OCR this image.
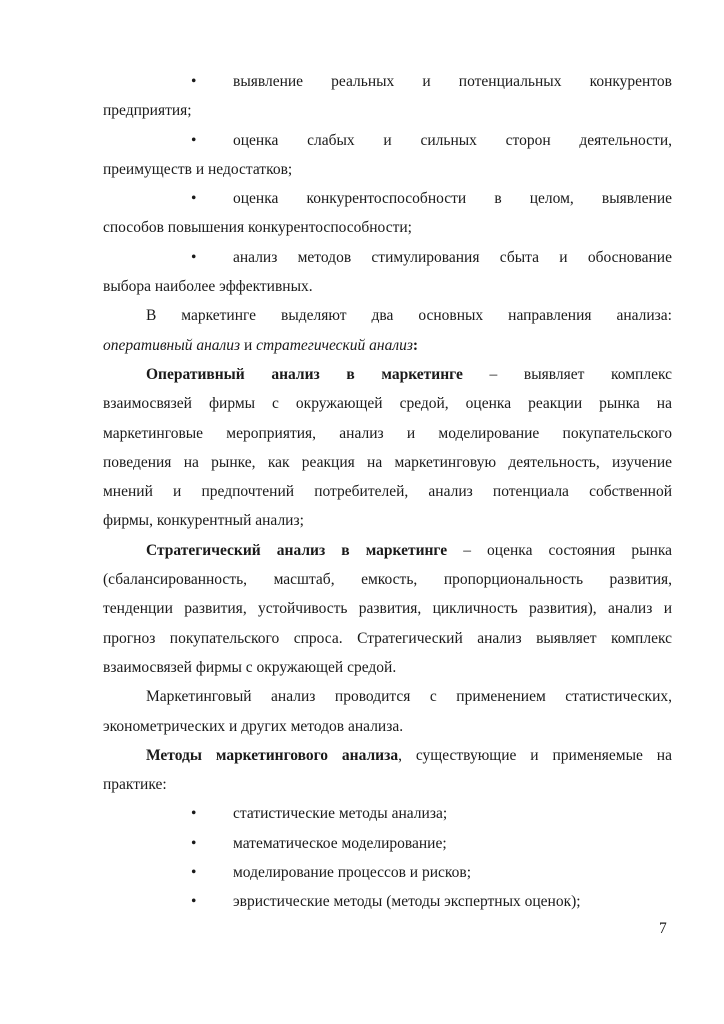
•	выявление реальных и потенциальных конкурентов
предприятия;
•	оценка слабых и сильных сторон деятельности,
преимуществ и недостатков;
•	оценка конкурентоспособности в целом, выявление
способов повышения конкурентоспособности;
•	анализ методов стимулирования сбыта и обоснование
выбора наиболее эффективных.
В маркетинге выделяют два основных направления анализа:
оперативный анализ и стратегический анализ:
Оперативный анализ в маркетинге – выявляет комплекс
взаимосвязей фирмы с окружающей средой, оценка реакции рынка на
маркетинговые мероприятия, анализ и моделирование покупательского
поведения на рынке, как реакция на маркетинговую деятельность, изучение
мнений и предпочтений потребителей, анализ потенциала собственной
фирмы, конкурентный анализ;
Стратегический анализ в маркетинге – оценка состояния рынка
(сбалансированность, масштаб, емкость, пропорциональность развития,
тенденции развития, устойчивость развития, цикличность развития), анализ и
прогноз покупательского спроса. Стратегический анализ выявляет комплекс
взаимосвязей фирмы с окружающей средой.
Маркетинговый анализ проводится с применением статистических,
эконометрических и других методов анализа.
Методы маркетингового анализа, существующие и применяемые на
практике:
• статистические методы анализа;
• математическое моделирование;
• моделирование процессов и рисков;
• эвристические методы (методы экспертных оценок);
7
